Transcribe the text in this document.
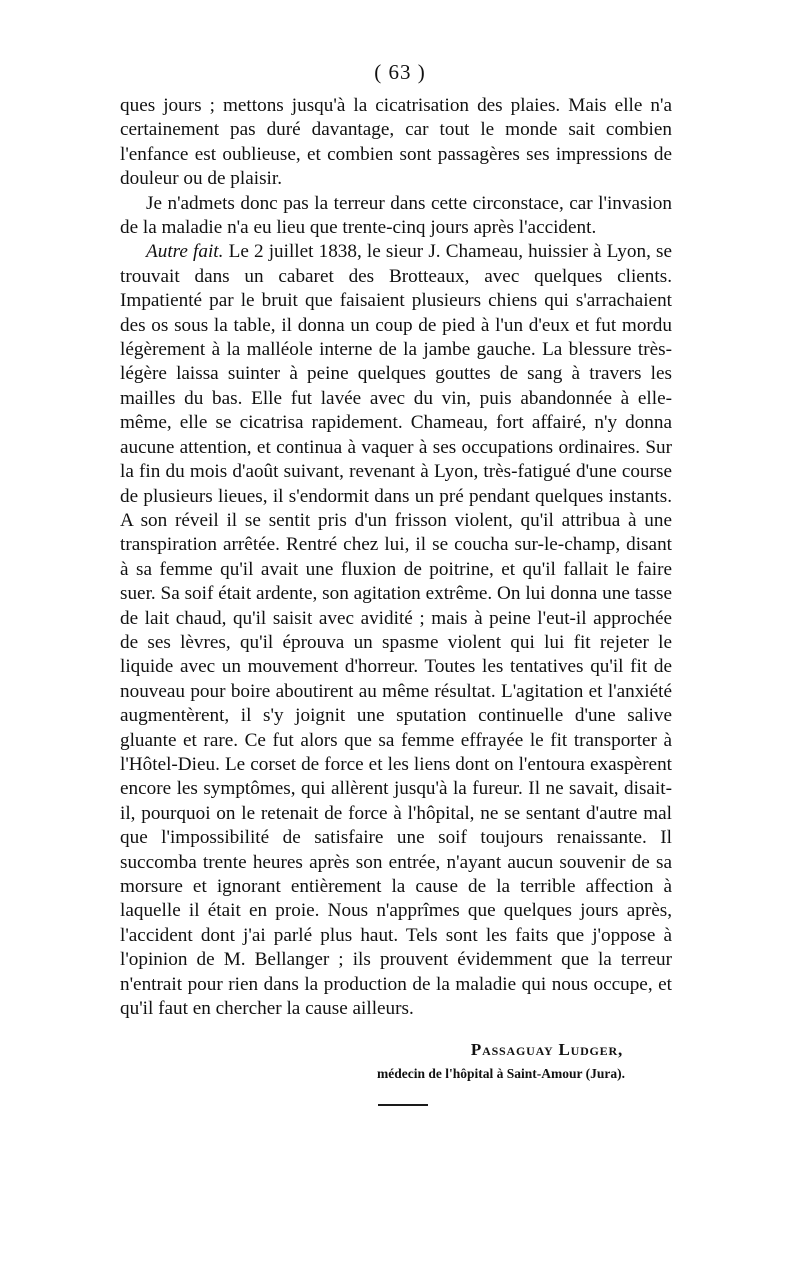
( 63 )

ques jours ; mettons jusqu'à la cicatrisation des plaies. Mais elle n'a certainement pas duré davantage, car tout le monde sait combien l'enfance est oublieuse, et combien sont passagères ses impressions de douleur ou de plaisir.

Je n'admets donc pas la terreur dans cette circonstace, car l'invasion de la maladie n'a eu lieu que trente-cinq jours après l'accident.

Autre fait. Le 2 juillet 1838, le sieur J. Chameau, huissier à Lyon, se trouvait dans un cabaret des Brotteaux, avec quelques clients. Impatienté par le bruit que faisaient plusieurs chiens qui s'arrachaient des os sous la table, il donna un coup de pied à l'un d'eux et fut mordu légèrement à la malléole interne de la jambe gauche. La blessure très-légère laissa suinter à peine quelques gouttes de sang à travers les mailles du bas. Elle fut lavée avec du vin, puis abandonnée à elle-même, elle se cicatrisa rapidement. Chameau, fort affairé, n'y donna aucune attention, et continua à vaquer à ses occupations ordinaires. Sur la fin du mois d'août suivant, revenant à Lyon, très-fatigué d'une course de plusieurs lieues, il s'endormit dans un pré pendant quelques instants. A son réveil il se sentit pris d'un frisson violent, qu'il attribua à une transpiration arrêtée. Rentré chez lui, il se coucha sur-le-champ, disant à sa femme qu'il avait une fluxion de poitrine, et qu'il fallait le faire suer. Sa soif était ardente, son agitation extrême. On lui donna une tasse de lait chaud, qu'il saisit avec avidité ; mais à peine l'eut-il approchée de ses lèvres, qu'il éprouva un spasme violent qui lui fit rejeter le liquide avec un mouvement d'horreur. Toutes les tentatives qu'il fit de nouveau pour boire aboutirent au même résultat. L'agitation et l'anxiété augmentèrent, il s'y joignit une sputation continuelle d'une salive gluante et rare. Ce fut alors que sa femme effrayée le fit transporter à l'Hôtel-Dieu. Le corset de force et les liens dont on l'entoura exaspèrent encore les symptômes, qui allèrent jusqu'à la fureur. Il ne savait, disait-il, pourquoi on le retenait de force à l'hôpital, ne se sentant d'autre mal que l'impossibilité de satisfaire une soif toujours renaissante. Il succomba trente heures après son entrée, n'ayant aucun souvenir de sa morsure et ignorant entièrement la cause de la terrible affection à laquelle il était en proie. Nous n'apprîmes que quelques jours après, l'accident dont j'ai parlé plus haut. Tels sont les faits que j'oppose à l'opinion de M. Bellanger ; ils prouvent évidemment que la terreur n'entrait pour rien dans la production de la maladie qui nous occupe, et qu'il faut en chercher la cause ailleurs.

Passaguay Ludger,
médecin de l'hôpital à Saint-Amour (Jura).
